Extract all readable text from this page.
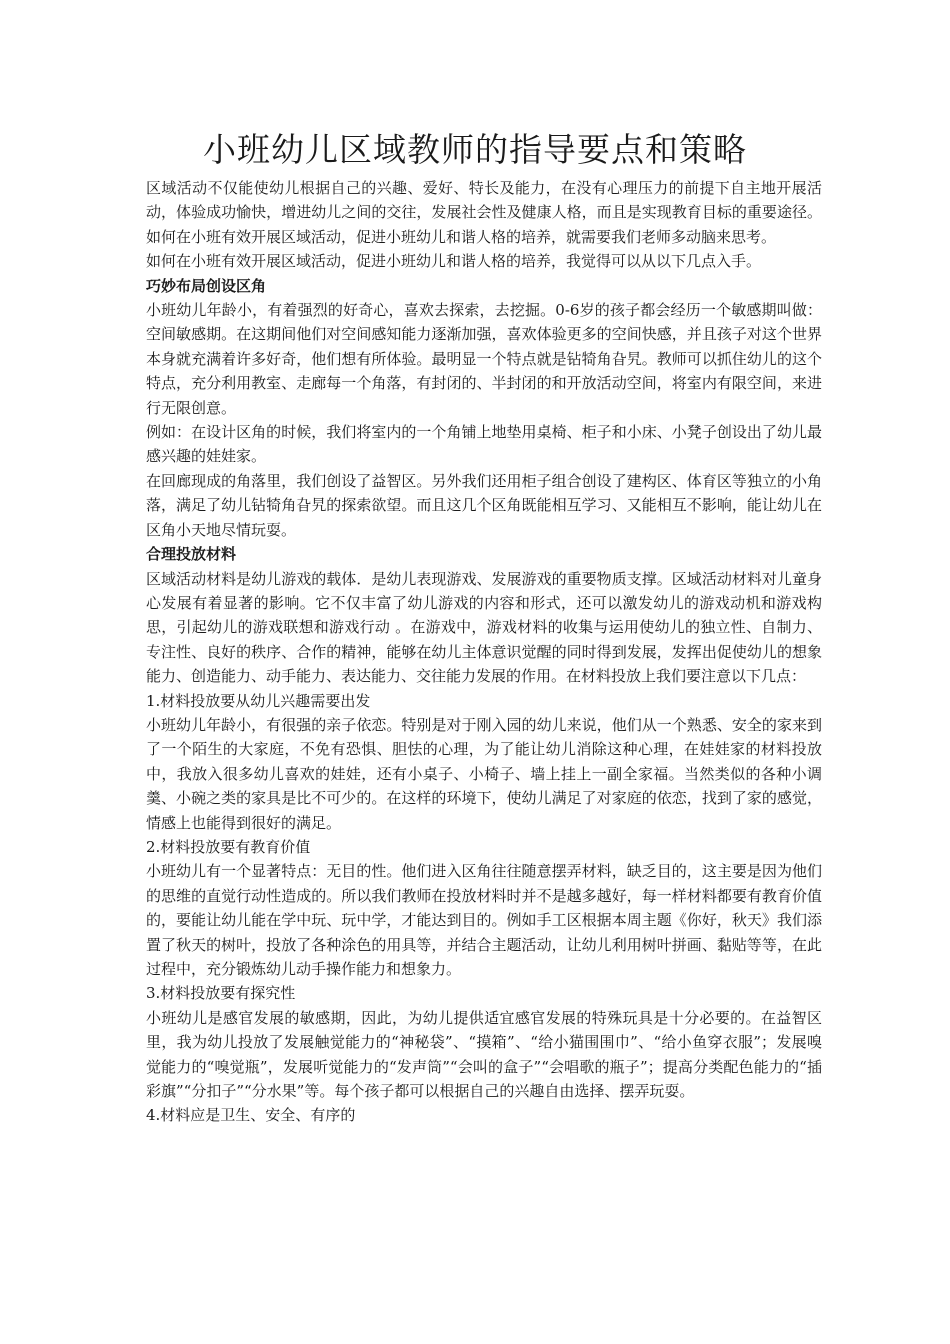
小班幼儿区域教师的指导要点和策略

区域活动不仅能使幼儿根据自己的兴趣、爱好、特长及能力，在没有心理压力的前提下自主地开展活动，体验成功愉快，增进幼儿之间的交往，发展社会性及健康人格，而且是实现教育目标的重要途径。如何在小班有效开展区域活动，促进小班幼儿和谐人格的培养，就需要我们老师多动脑来思考。

如何在小班有效开展区域活动，促进小班幼儿和谐人格的培养，我觉得可以从以下几点入手。

巧妙布局创设区角

小班幼儿年龄小，有着强烈的好奇心，喜欢去探索，去挖掘。0-6岁的孩子都会经历一个敏感期叫做：空间敏感期。在这期间他们对空间感知能力逐渐加强，喜欢体验更多的空间快感，并且孩子对这个世界本身就充满着许多好奇，他们想有所体验。最明显一个特点就是钻犄角旮旯。教师可以抓住幼儿的这个特点，充分利用教室、走廊每一个角落，有封闭的、半封闭的和开放活动空间，将室内有限空间，来进行无限创意。

例如：在设计区角的时候，我们将室内的一个角铺上地垫用桌椅、柜子和小床、小凳子创设出了幼儿最感兴趣的娃娃家。

在回廊现成的角落里，我们创设了益智区。另外我们还用柜子组合创设了建构区、体育区等独立的小角落，满足了幼儿钻犄角旮旯的探索欲望。而且这几个区角既能相互学习、又能相互不影响，能让幼儿在区角小天地尽情玩耍。

合理投放材料

区域活动材料是幼儿游戏的载体．是幼儿表现游戏、发展游戏的重要物质支撑。区域活动材料对儿童身心发展有着显著的影响。它不仅丰富了幼儿游戏的内容和形式，还可以激发幼儿的游戏动机和游戏构思，引起幼儿的游戏联想和游戏行动 。在游戏中，游戏材料的收集与运用使幼儿的独立性、自制力、专注性、良好的秩序、合作的精神，能够在幼儿主体意识觉醒的同时得到发展，发挥出促使幼儿的想象能力、创造能力、动手能力、表达能力、交往能力发展的作用。在材料投放上我们要注意以下几点：

1.材料投放要从幼儿兴趣需要出发

小班幼儿年龄小，有很强的亲子依恋。特别是对于刚入园的幼儿来说，他们从一个熟悉、安全的家来到了一个陌生的大家庭，不免有恐惧、胆怯的心理，为了能让幼儿消除这种心理，在娃娃家的材料投放中，我放入很多幼儿喜欢的娃娃，还有小桌子、小椅子、墙上挂上一副全家福。当然类似的各种小调羹、小碗之类的家具是比不可少的。在这样的环境下，使幼儿满足了对家庭的依恋，找到了家的感觉，情感上也能得到很好的满足。

2.材料投放要有教育价值

小班幼儿有一个显著特点：无目的性。他们进入区角往往随意摆弄材料，缺乏目的，这主要是因为他们的思维的直觉行动性造成的。所以我们教师在投放材料时并不是越多越好，每一样材料都要有教育价值的，要能让幼儿能在学中玩、玩中学，才能达到目的。例如手工区根据本周主题《你好，秋天》我们添置了秋天的树叶，投放了各种涂色的用具等，并结合主题活动，让幼儿利用树叶拼画、黏贴等等，在此过程中，充分锻炼幼儿动手操作能力和想象力。

3.材料投放要有探究性

小班幼儿是感官发展的敏感期，因此，为幼儿提供适宜感官发展的特殊玩具是十分必要的。在益智区里，我为幼儿投放了发展触觉能力的“神秘袋”、“摸箱”、“给小猫围围巾”、“给小鱼穿衣服”；发展嗅觉能力的“嗅觉瓶”，发展听觉能力的“发声筒”“会叫的盒子”“会唱歌的瓶子”；提高分类配色能力的“插彩旗”“分扣子”“分水果”等。每个孩子都可以根据自己的兴趣自由选择、摆弄玩耍。

4.材料应是卫生、安全、有序的
